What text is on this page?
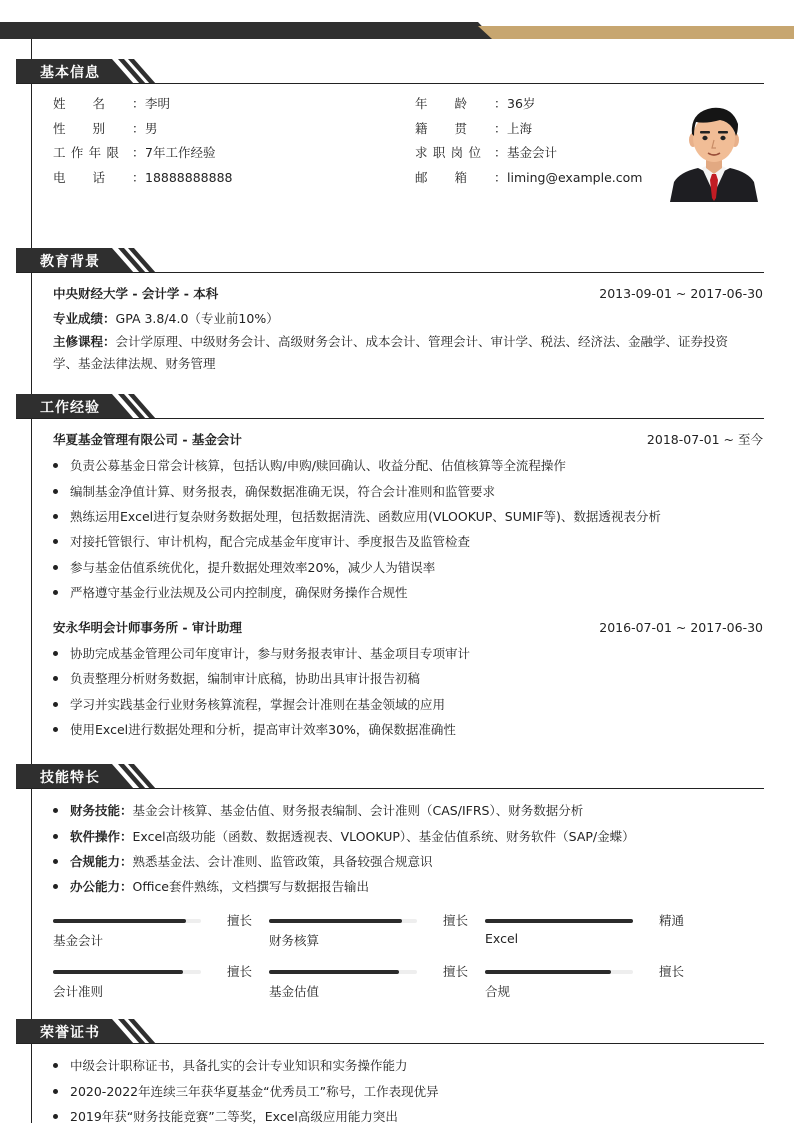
基本信息
姓 名 ： 李明
性 别 ： 男
工 作 年 限 ： 7年工作经验
电 话 ： 18888888888
年 龄 ： 36岁
籍 贯 ： 上海
求 职 岗 位 ： 基金会计
邮 箱 ： liming@example.com
教育背景
中央财经大学 - 会计学 - 本科	2013-09-01 ~ 2017-06-30
专业成绩：GPA 3.8/4.0（专业前10%）
主修课程：会计学原理、中级财务会计、高级财务会计、成本会计、管理会计、审计学、税法、经济法、金融学、证券投资
学、基金法律法规、财务管理
工作经验
华夏基金管理有限公司 - 基金会计	2018-07-01 ~ 至今
负责公募基金日常会计核算，包括认购/申购/赎回确认、收益分配、估值核算等全流程操作
编制基金净值计算、财务报表，确保数据准确无误，符合会计准则和监管要求
熟练运用Excel进行复杂财务数据处理，包括数据清洗、函数应用(VLOOKUP、SUMIF等)、数据透视表分析
对接托管银行、审计机构，配合完成基金年度审计、季度报告及监管检查
参与基金估值系统优化，提升数据处理效率20%，减少人为错误率
严格遵守基金行业法规及公司内控制度，确保财务操作合规性
安永华明会计师事务所 - 审计助理	2016-07-01 ~ 2017-06-30
协助完成基金管理公司年度审计，参与财务报表审计、基金项目专项审计
负责整理分析财务数据，编制审计底稿，协助出具审计报告初稿
学习并实践基金行业财务核算流程，掌握会计准则在基金领域的应用
使用Excel进行数据处理和分析，提高审计效率30%，确保数据准确性
技能特长
财务技能：基金会计核算、基金估值、财务报表编制、会计准则（CAS/IFRS）、财务数据分析
软件操作：Excel高级功能（函数、数据透视表、VLOOKUP）、基金估值系统、财务软件（SAP/金蝶）
合规能力：熟悉基金法、会计准则、监管政策，具备较强合规意识
办公能力：Office套件熟练，文档撰写与数据报告输出
擅长
基金会计
擅长
财务核算
精通
Excel
擅长
会计准则
擅长
基金估值
擅长
合规
荣誉证书
中级会计职称证书，具备扎实的会计专业知识和实务操作能力
2020-2022年连续三年获华夏基金“优秀员工”称号，工作表现优异
2019年获“财务技能竞赛”二等奖，Excel高级应用能力突出
